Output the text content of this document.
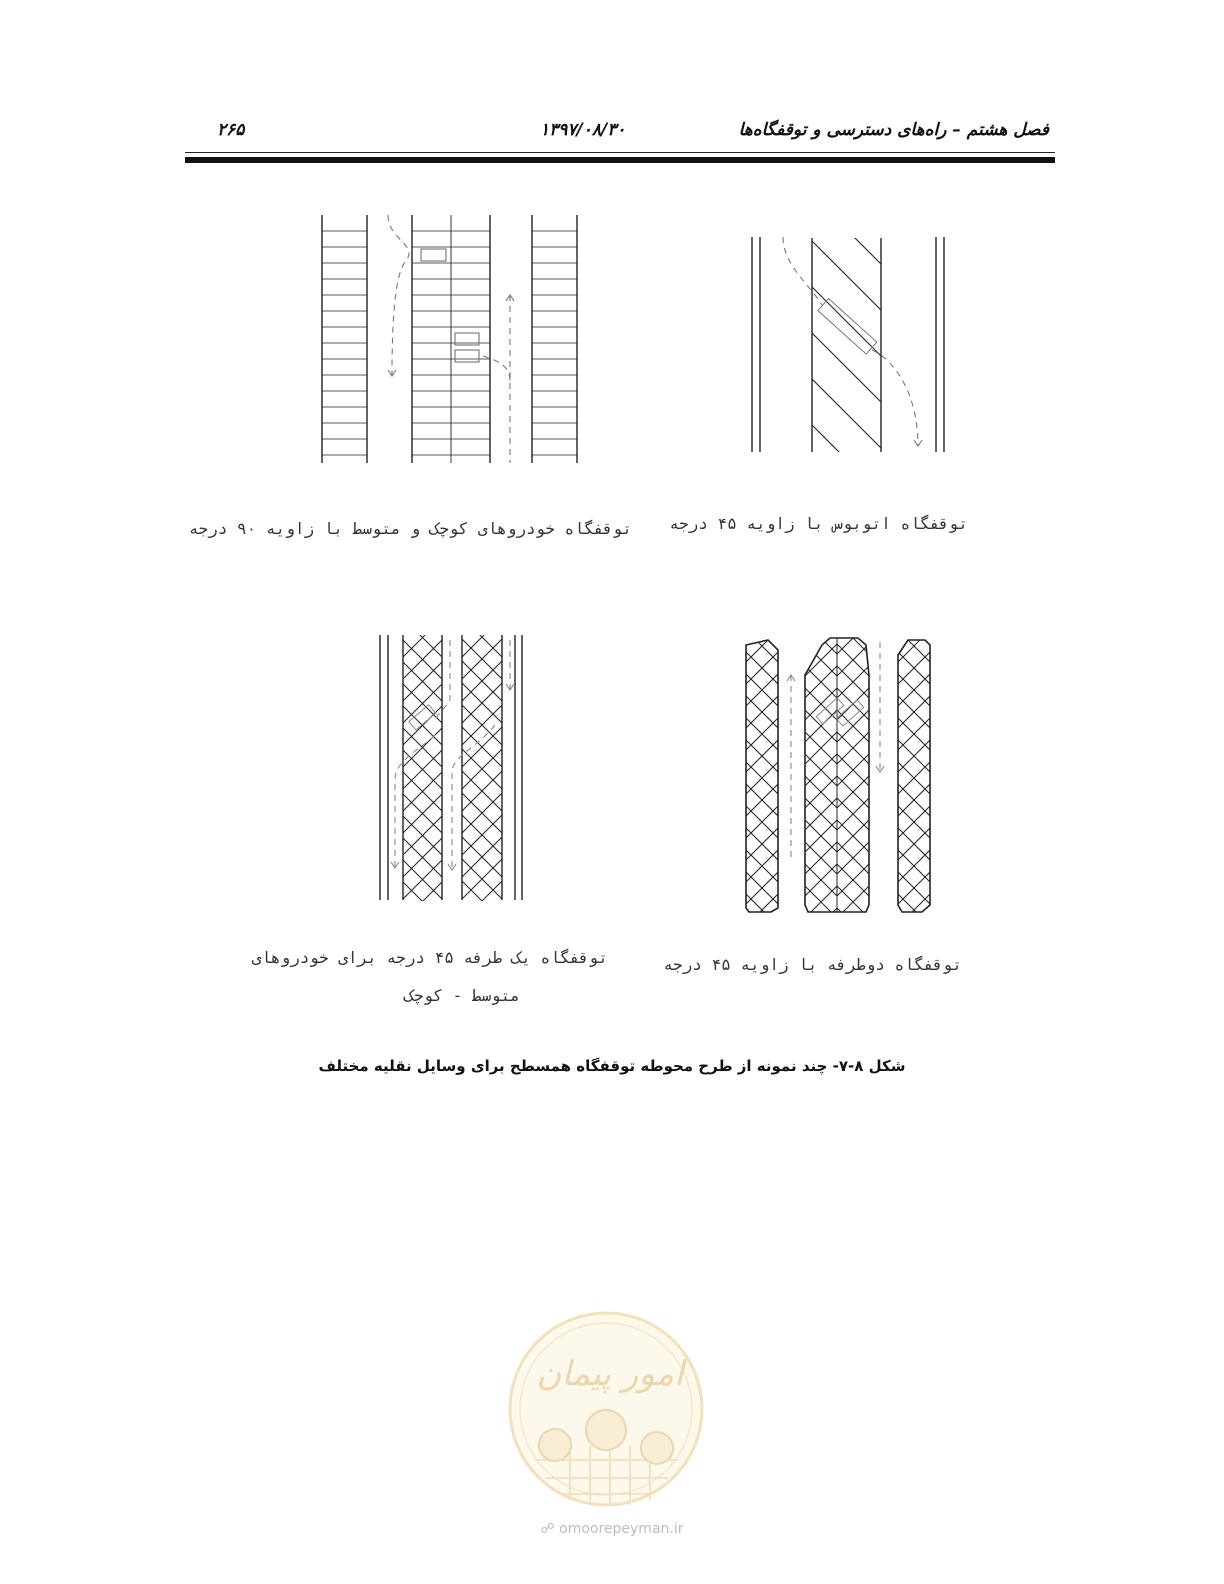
فصل هشتم – راه‌های دسترسی و توقفگاه‌ها
۱۳۹۷/۰۸/۳۰
۲۶۵
امور پیمان
توقفگاه خودروهای کوچک و متوسط با زاویه ۹۰ درجه توقفگاه اتوبوس با زاویه ۴۵ درجه
توقفگاه یک طرفه ۴۵ درجه برای خودروهای
متوسط - کوچک
توقفگاه دوطرفه با زاویه ۴۵ درجه
شکل ۸-۷- چند نمونه از طرح محوطه توقفگاه همسطح برای وسایل نقلیه مختلف
☍ omoorepeyman.ir
